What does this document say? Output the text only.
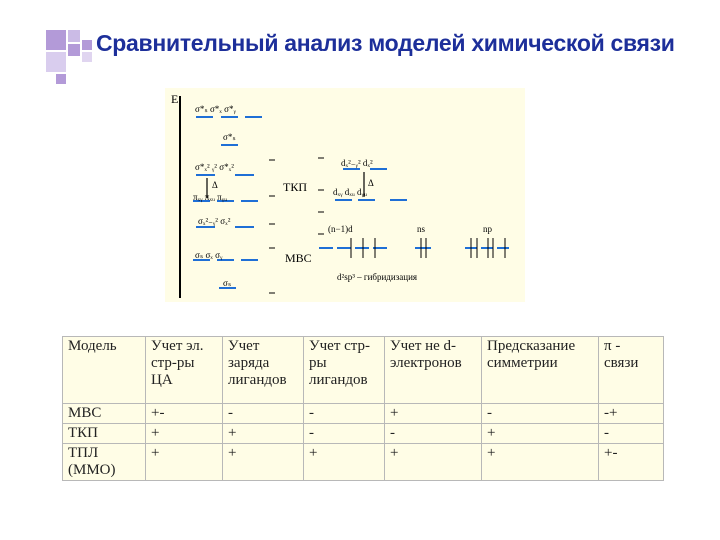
Сравнительный анализ моделей химической связи
E
σ*ₛ σ*ₓ σ*ᵧ
σ*ₛ
σ*ₓ² ᵧ² σ*ₓ²
Δ
πₓᵧ πₓᵤ πᵧᵤ
σₓ²₋ᵧ² σₓ²
σₛ σₓ σᵧ
σₛ
ТКП
МВС
dₓ²₋ᵧ² dₓ²
dₓᵧ dₓᵤ dᵧᵤ
Δ
(n−1)d	ns	np
d²sp³ – гибридизация
Модель	Учет эл. стр-ры ЦА	Учет заряда лигандов	Учет стр-ры лигандов	Учет не d-электронов	Предсказание симметрии	π - связи
МВС	+-	-	-	+	-	-+
ТКП	+	+	-	-	+	-
ТПЛ (ММО)	+	+	+	+	+	+-
